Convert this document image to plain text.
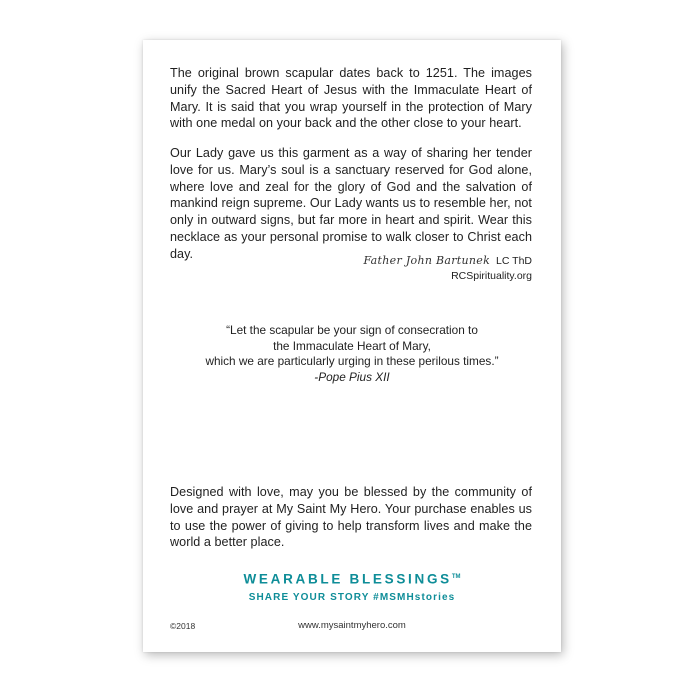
The original brown scapular dates back to 1251. The images unify the Sacred Heart of Jesus with the Immaculate Heart of Mary. It is said that you wrap yourself in the protection of Mary with one medal on your back and the other close to your heart.

Our Lady gave us this garment as a way of sharing her tender love for us. Mary’s soul is a sanctuary reserved for God alone, where love and zeal for the glory of God and the salvation of mankind reign supreme. Our Lady wants us to resemble her, not only in outward signs, but far more in heart and spirit. Wear this necklace as your personal promise to walk closer to Christ each day.	Father John Bartunek LC ThD
RCSpirituality.org
“Let the scapular be your sign of consecration to
the Immaculate Heart of Mary,
which we are particularly urging in these perilous times.”
-Pope Pius XII

Designed with love, may you be blessed by the community of love and prayer at My Saint My Hero. Your purchase enables us to use the power of giving to help transform lives and make the world a better place.

WEARABLE BLESSINGS™
SHARE YOUR STORY #MSMHstories
©2018	www.mysaintmyhero.com
